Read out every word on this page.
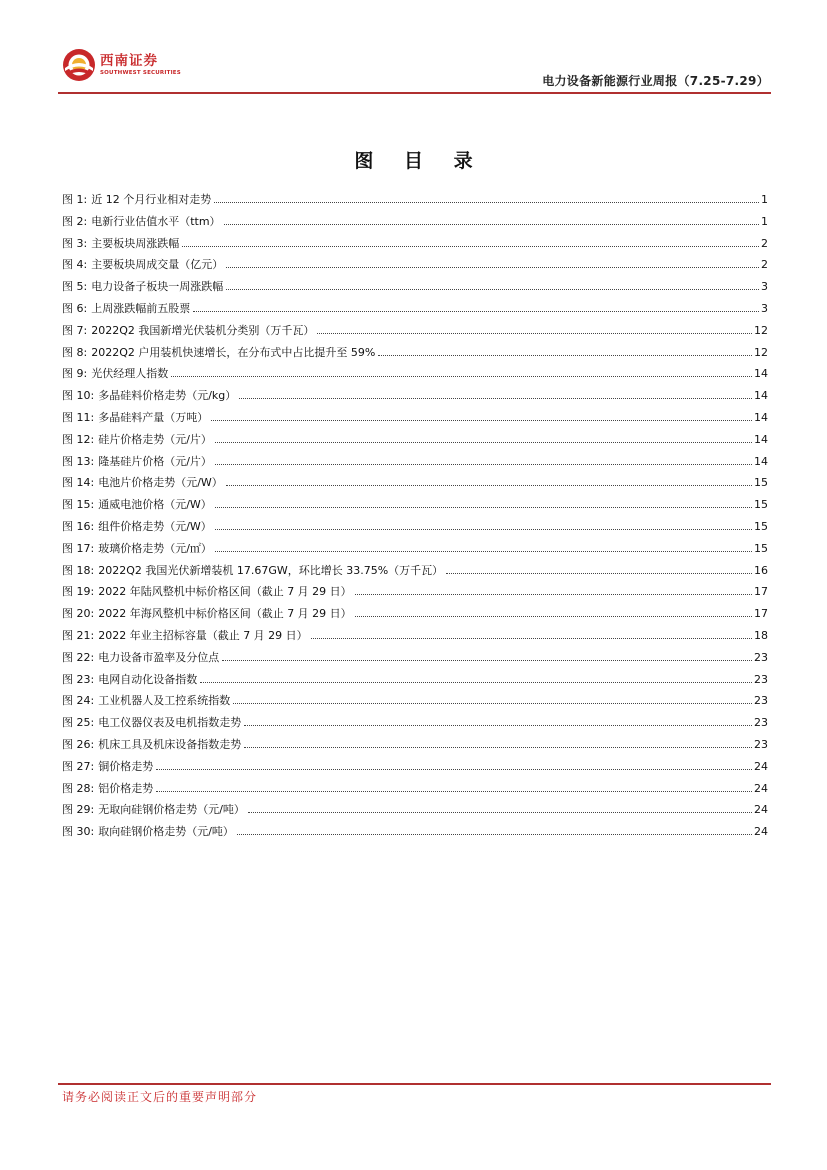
西南证券
SOUTHWEST SECURITIES
电力设备新能源行业周报（7.25-7.29）
图 目 录
图 1: 近 12 个月行业相对走势	1
图 2: 电新行业估值水平（ttm）	1
图 3: 主要板块周涨跌幅	2
图 4: 主要板块周成交量（亿元）	2
图 5: 电力设备子板块一周涨跌幅	3
图 6: 上周涨跌幅前五股票	3
图 7: 2022Q2 我国新增光伏装机分类别（万千瓦）	12
图 8: 2022Q2 户用装机快速增长，在分布式中占比提升至 59%	12
图 9: 光伏经理人指数	14
图 10: 多晶硅料价格走势（元/kg）	14
图 11: 多晶硅料产量（万吨）	14
图 12: 硅片价格走势（元/片）	14
图 13: 隆基硅片价格（元/片）	14
图 14: 电池片价格走势（元/W）	15
图 15: 通威电池价格（元/W）	15
图 16: 组件价格走势（元/W）	15
图 17: 玻璃价格走势（元/㎡）	15
图 18: 2022Q2 我国光伏新增装机 17.67GW，环比增长 33.75%（万千瓦）	16
图 19: 2022 年陆风整机中标价格区间（截止 7 月 29 日）	17
图 20: 2022 年海风整机中标价格区间（截止 7 月 29 日）	17
图 21: 2022 年业主招标容量（截止 7 月 29 日）	18
图 22: 电力设备市盈率及分位点	23
图 23: 电网自动化设备指数	23
图 24: 工业机器人及工控系统指数	23
图 25: 电工仪器仪表及电机指数走势	23
图 26: 机床工具及机床设备指数走势	23
图 27: 铜价格走势	24
图 28: 铝价格走势	24
图 29: 无取向硅钢价格走势（元/吨）	24
图 30: 取向硅钢价格走势（元/吨）	24
请务必阅读正文后的重要声明部分
